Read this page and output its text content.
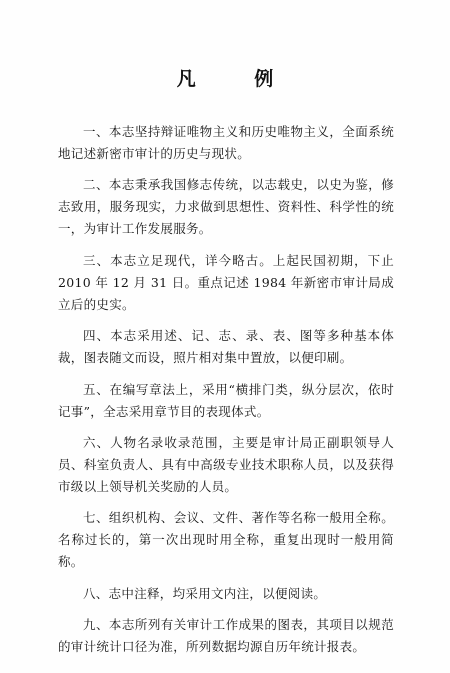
凡 例

一、本志坚持辩证唯物主义和历史唯物主义，全面系统地记述新密市审计的历史与现状。

二、本志秉承我国修志传统，以志载史，以史为鉴，修志致用，服务现实，力求做到思想性、资料性、科学性的统一，为审计工作发展服务。

三、本志立足现代，详今略古。上起民国初期，下止 2010 年 12 月 31 日。重点记述 1984 年新密市审计局成立后的史实。

四、本志采用述、记、志、录、表、图等多种基本体裁，图表随文而设，照片相对集中置放，以便印刷。

五、在编写章法上，采用“横排门类，纵分层次，依时记事”，全志采用章节目的表现体式。

六、人物名录收录范围，主要是审计局正副职领导人员、科室负责人、具有中高级专业技术职称人员，以及获得市级以上领导机关奖励的人员。

七、组织机构、会议、文件、著作等名称一般用全称。名称过长的，第一次出现时用全称，重复出现时一般用简称。

八、志中注释，均采用文内注，以便阅读。

九、本志所列有关审计工作成果的图表，其项目以规范的审计统计口径为准，所列数据均源自历年统计报表。
